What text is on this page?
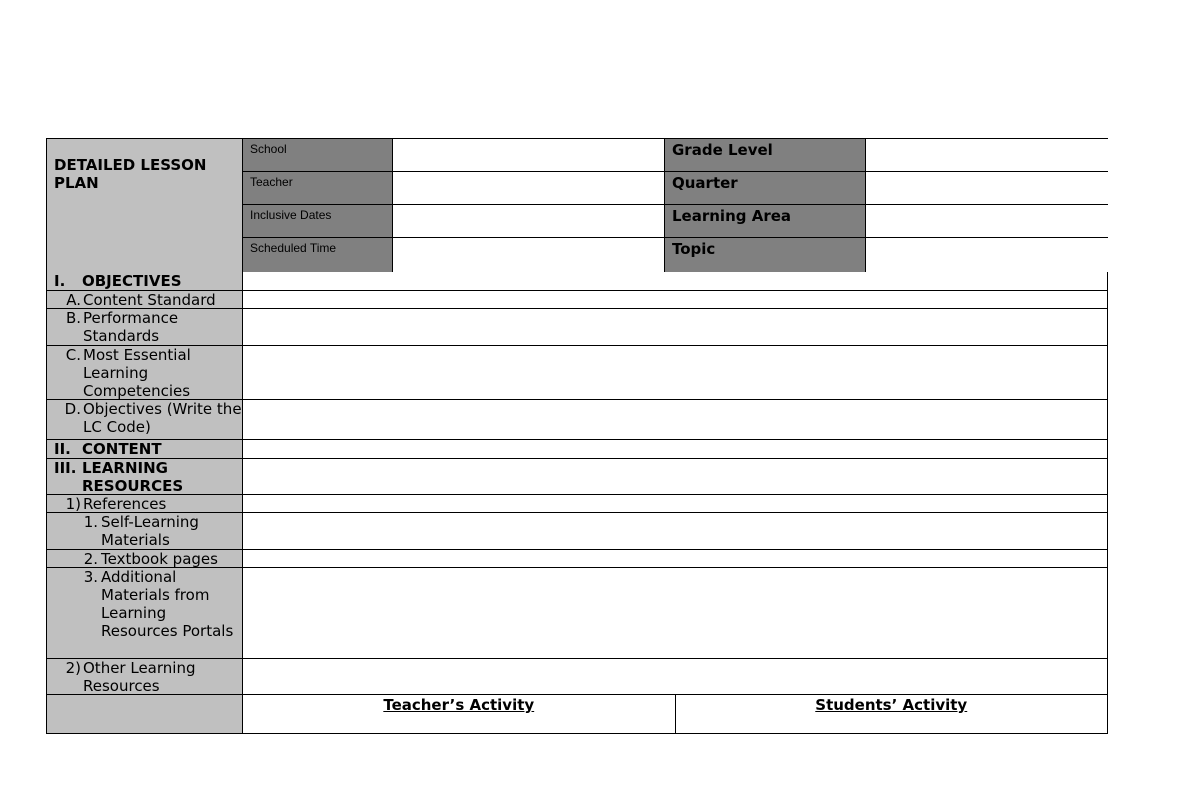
DETAILED LESSON PLAN
School	Grade Level
Teacher	Quarter
Inclusive Dates	Learning Area
Scheduled Time	Topic
I.	OBJECTIVES
A. Content Standard
B. Performance Standards
C. Most Essential Learning Competencies
D. Objectives (Write the LC Code)
II. CONTENT
III. LEARNING RESOURCES
1) References
1. Self-Learning Materials
2. Textbook pages
3. Additional Materials from Learning Resources Portals
2) Other Learning Resources
Teacher’s Activity	Students’ Activity
